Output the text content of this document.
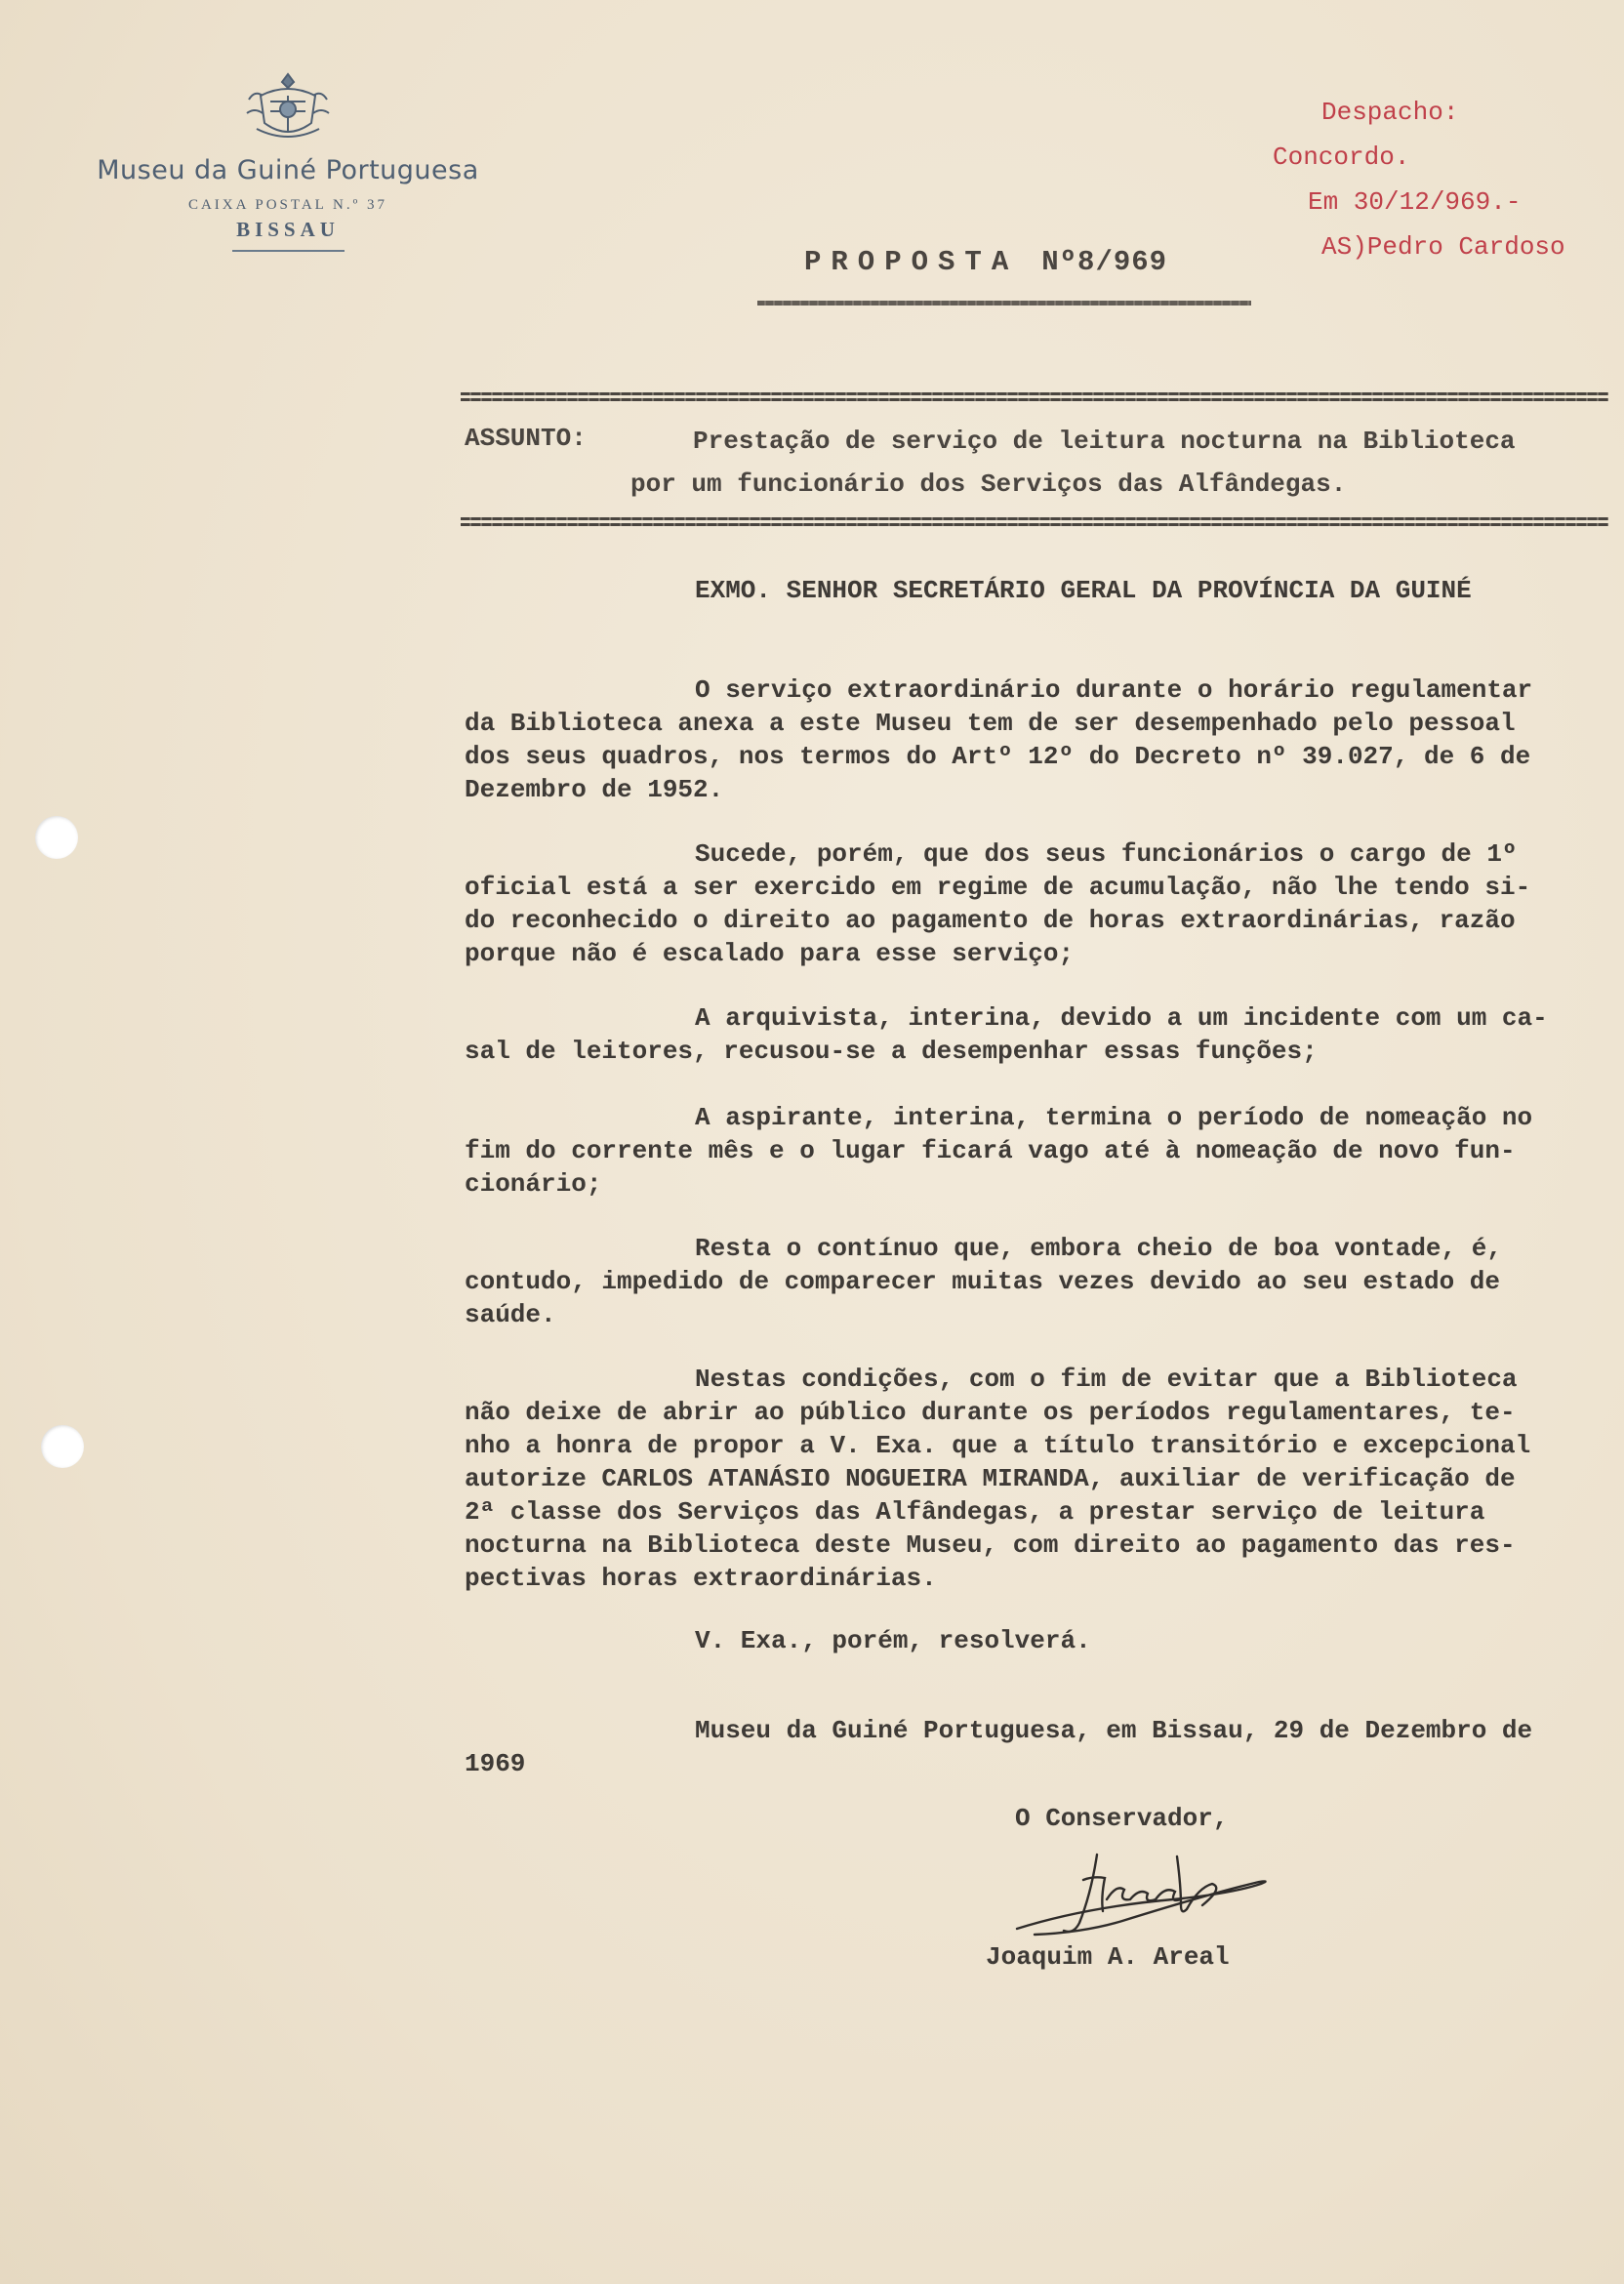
Museu da Guiné Portuguesa
CAIXA POSTAL N.º 37
BISSAU
Despacho:
Concordo.
Em 30/12/969.-
AS)Pedro Cardoso
PROPOSTA Nº8/969
ASSUNTO:	Prestação de serviço de leitura nocturna na Biblioteca
por um funcionário dos Serviços das Alfândegas.
EXMO. SENHOR SECRETÁRIO GERAL DA PROVÍNCIA DA GUINÉ
O serviço extraordinário durante o horário regulamentar
da Biblioteca anexa a este Museu tem de ser desempenhado pelo pessoal
dos seus quadros, nos termos do Artº 12º do Decreto nº 39.027, de 6 de
Dezembro de 1952.
Sucede, porém, que dos seus funcionários o cargo de 1º
oficial está a ser exercido em regime de acumulação, não lhe tendo si-
do reconhecido o direito ao pagamento de horas extraordinárias, razão
porque não é escalado para esse serviço;
A arquivista, interina, devido a um incidente com um ca-
sal de leitores, recusou-se a desempenhar essas funções;
A aspirante, interina, termina o período de nomeação no
fim do corrente mês e o lugar ficará vago até à nomeação de novo fun-
cionário;
Resta o contínuo que, embora cheio de boa vontade, é,
contudo, impedido de comparecer muitas vezes devido ao seu estado de
saúde.
Nestas condições, com o fim de evitar que a Biblioteca
não deixe de abrir ao público durante os períodos regulamentares, te-
nho a honra de propor a V. Exa. que a título transitório e excepcional
autorize CARLOS ATANÁSIO NOGUEIRA MIRANDA, auxiliar de verificação de
2ª classe dos Serviços das Alfândegas, a prestar serviço de leitura
nocturna na Biblioteca deste Museu, com direito ao pagamento das res-
pectivas horas extraordinárias.
V. Exa., porém, resolverá.
Museu da Guiné Portuguesa, em Bissau, 29 de Dezembro de
1969
O Conservador,
Joaquim A. Areal
